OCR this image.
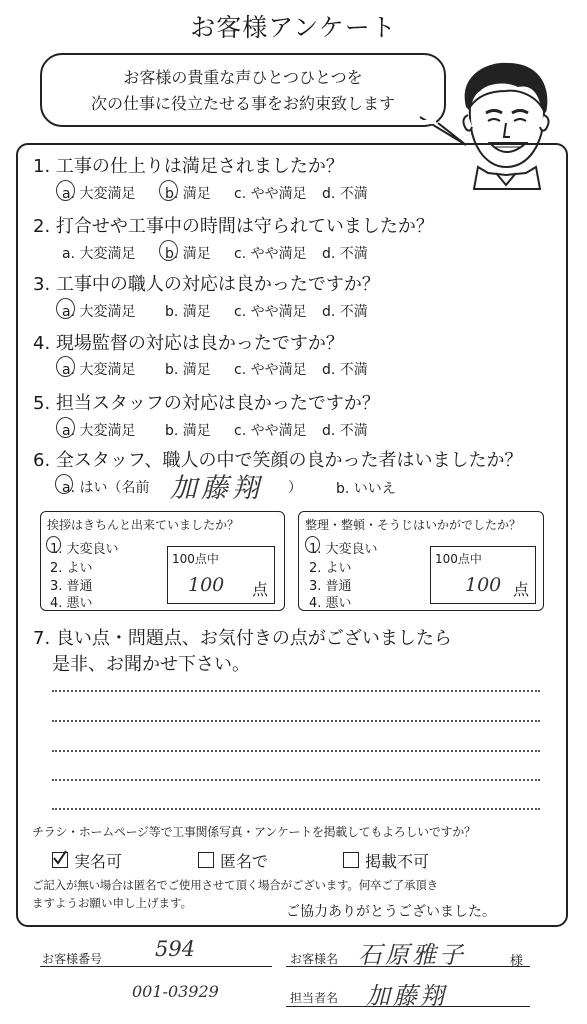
お客様アンケート
お客様の貴重な声ひとつひとつを
次の仕事に役立たせる事をお約束致します
1. 工事の仕上りは満足されましたか？
2. 打合せや工事中の時間は守られていましたか？
3. 工事中の職人の対応は良かったですか？
4. 現場監督の対応は良かったですか？
5. 担当スタッフの対応は良かったですか？
a. 大変満足 b. 満足 c. やや満足 d. 不満
a. 大変満足 b. 満足 c. やや満足 d. 不満
a. 大変満足 b. 満足 c. やや満足 d. 不満
a. 大変満足 b. 満足 c. やや満足 d. 不満
a. 大変満足 b. 満足 c. やや満足 d. 不満
6. 全スタッフ、職人の中で笑顔の良かった者はいましたか？
a. はい（名前 加藤翔 ） b. いいえ
挨拶はきちんと出来ていましたか？
1. 大変良い
2. よい
3. 普通
4. 悪い
100点中
100 点
整理・整頓・そうじはいかがでしたか？
1. 大変良い
2. よい
3. 普通
4. 悪い
100点中
100 点
7. 良い点・問題点、お気付きの点がございましたら
是非、お聞かせ下さい。
チラシ・ホームページ等で工事関係写真・アンケートを掲載してもよろしいですか？
実名可	匿名で	掲載不可
ご記入が無い場合は匿名でご使用させて頂く場合がございます。何卒ご了承頂き
ますようお願い申し上げます。
ご協力ありがとうございました。
お客様番号	594
001-03929
お客様名 石原雅子	様
担当者名 加藤翔
